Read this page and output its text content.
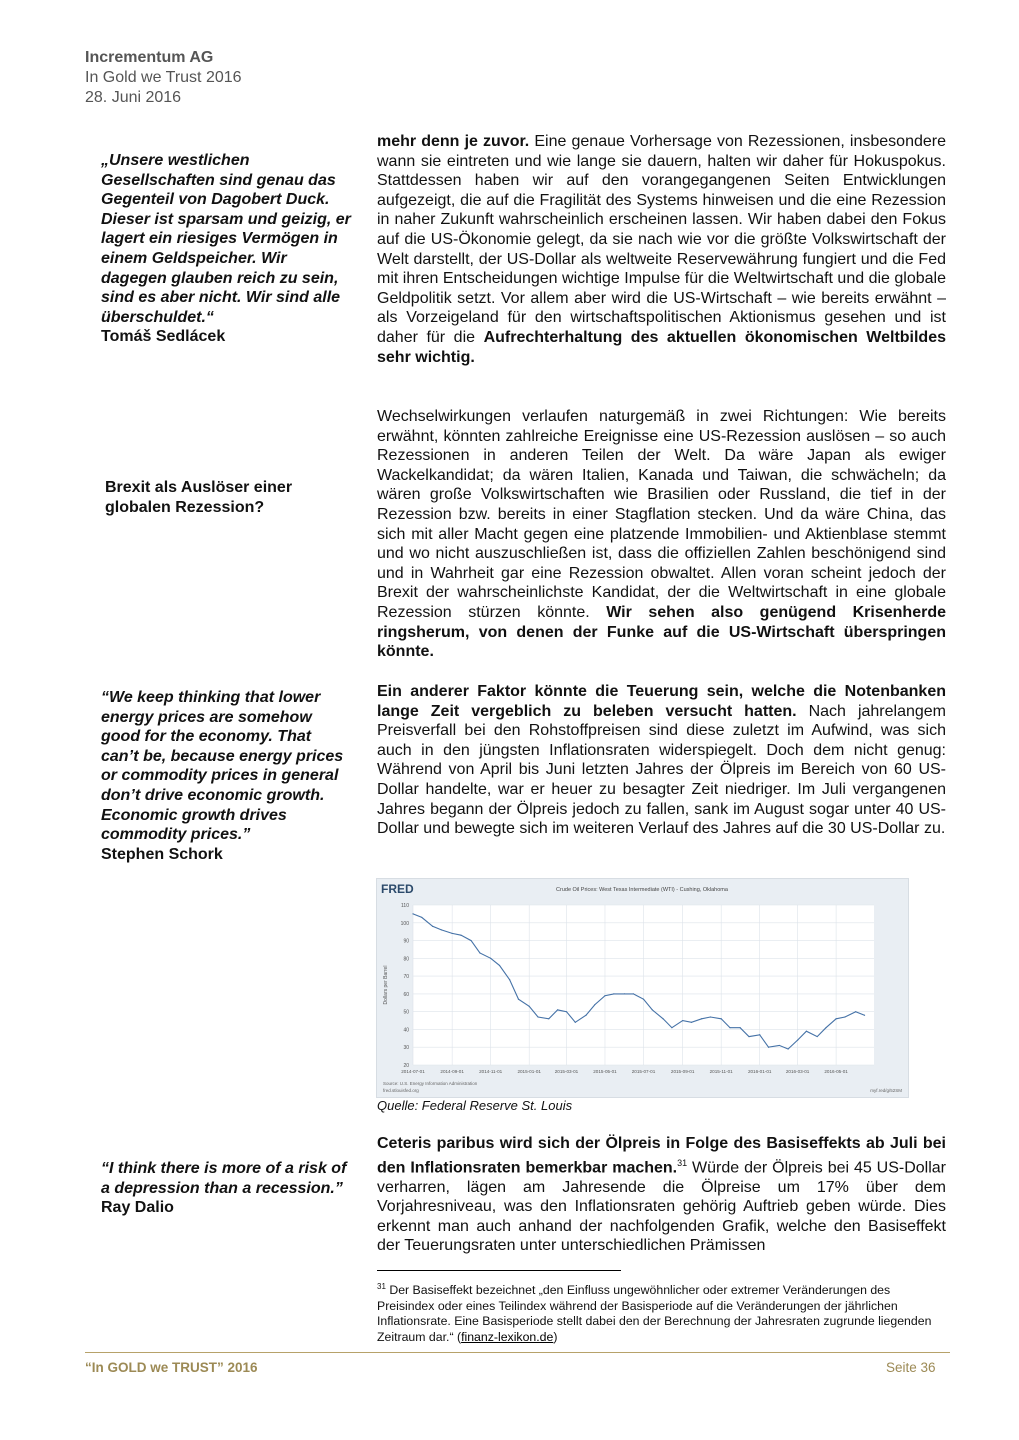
Incrementum AG
In Gold we Trust 2016
28. Juni 2016
„Unsere westlichen Gesellschaften sind genau das Gegenteil von Dagobert Duck. Dieser ist sparsam und geizig, er lagert ein riesiges Vermögen in einem Geldspeicher. Wir dagegen glauben reich zu sein, sind es aber nicht. Wir sind alle überschuldet.“
Tomáš Sedlácek
Brexit als Auslöser einer globalen Rezession?
“We keep thinking that lower energy prices are somehow good for the economy. That can’t be, because energy prices or commodity prices in general don’t drive economic growth. Economic growth drives commodity prices.”
Stephen Schork
“I think there is more of a risk of a depression than a recession.”
Ray Dalio
mehr denn je zuvor. Eine genaue Vorhersage von Rezessionen, insbesondere wann sie eintreten und wie lange sie dauern, halten wir daher für Hokuspokus. Stattdessen haben wir auf den vorangegangenen Seiten Entwicklungen aufgezeigt, die auf die Fragilität des Systems hinweisen und die eine Rezession in naher Zukunft wahrscheinlich erscheinen lassen. Wir haben dabei den Fokus auf die US-Ökonomie gelegt, da sie nach wie vor die größte Volkswirtschaft der Welt darstellt, der US-Dollar als weltweite Reservewährung fungiert und die Fed mit ihren Entscheidungen wichtige Impulse für die Weltwirtschaft und die globale Geldpolitik setzt. Vor allem aber wird die US-Wirtschaft – wie bereits erwähnt – als Vorzeigeland für den wirtschaftspolitischen Aktionismus gesehen und ist daher für die Aufrechterhaltung des aktuellen ökonomischen Weltbildes sehr wichtig.
Wechselwirkungen verlaufen naturgemäß in zwei Richtungen: Wie bereits erwähnt, könnten zahlreiche Ereignisse eine US-Rezession auslösen – so auch Rezessionen in anderen Teilen der Welt. Da wäre Japan als ewiger Wackelkandidat; da wären Italien, Kanada und Taiwan, die schwächeln; da wären große Volkswirtschaften wie Brasilien oder Russland, die tief in der Rezession bzw. bereits in einer Stagflation stecken. Und da wäre China, das sich mit aller Macht gegen eine platzende Immobilien- und Aktienblase stemmt und wo nicht auszuschließen ist, dass die offiziellen Zahlen beschönigend sind und in Wahrheit gar eine Rezession obwaltet. Allen voran scheint jedoch der Brexit der wahrscheinlichste Kandidat, der die Weltwirtschaft in eine globale Rezession stürzen könnte. Wir sehen also genügend Krisenherde ringsherum, von denen der Funke auf die US-Wirtschaft überspringen könnte.
Ein anderer Faktor könnte die Teuerung sein, welche die Notenbanken lange Zeit vergeblich zu beleben versucht hatten. Nach jahrelangem Preisverfall bei den Rohstoffpreisen sind diese zuletzt im Aufwind, was sich auch in den jüngsten Inflationsraten widerspiegelt. Doch dem nicht genug: Während von April bis Juni letzten Jahres der Ölpreis im Bereich von 60 US-Dollar handelte, war er heuer zu besagter Zeit niedriger. Im Juli vergangenen Jahres begann der Ölpreis jedoch zu fallen, sank im August sogar unter 40 US-Dollar und bewegte sich im weiteren Verlauf des Jahres auf die 30 US-Dollar zu.
FRED	Crude Oil Prices: West Texas Intermediate (WTI) - Cushing, Oklahoma
20
30
40
50
60
70
80
90
100
110
2014-07-01	2014-09-01	2014-11-01	2015-01-01	2015-03-01	2015-05-01	2015-07-01	2015-09-01	2015-11-01	2016-01-01	2016-03-01	2016-05-01
Dollars per Barrel
Source: U.S. Energy Information Administration
fred.stlouisfed.org	myf.red/g/52SM
Quelle: Federal Reserve St. Louis
Ceteris paribus wird sich der Ölpreis in Folge des Basiseffekts ab Juli bei den Inflationsraten bemerkbar machen.$^{31}$ Würde der Ölpreis bei 45 US-Dollar verharren, lägen am Jahresende die Ölpreise um 17% über dem Vorjahresniveau, was den Inflationsraten gehörig Auftrieb geben würde. Dies erkennt man auch anhand der nachfolgenden Grafik, welche den Basiseffekt der Teuerungsraten unter unterschiedlichen Prämissen
$^{31}$ Der Basiseffekt bezeichnet „den Einfluss ungewöhnlicher oder extremer Veränderungen des Preisindex oder eines Teilindex während der Basisperiode auf die Veränderungen der jährlichen Inflationsrate. Eine Basisperiode stellt dabei den der Berechnung der Jahresraten zugrunde liegenden Zeitraum dar.“ (finanz-lexikon.de)
“In GOLD we TRUST” 2016	Seite 36
